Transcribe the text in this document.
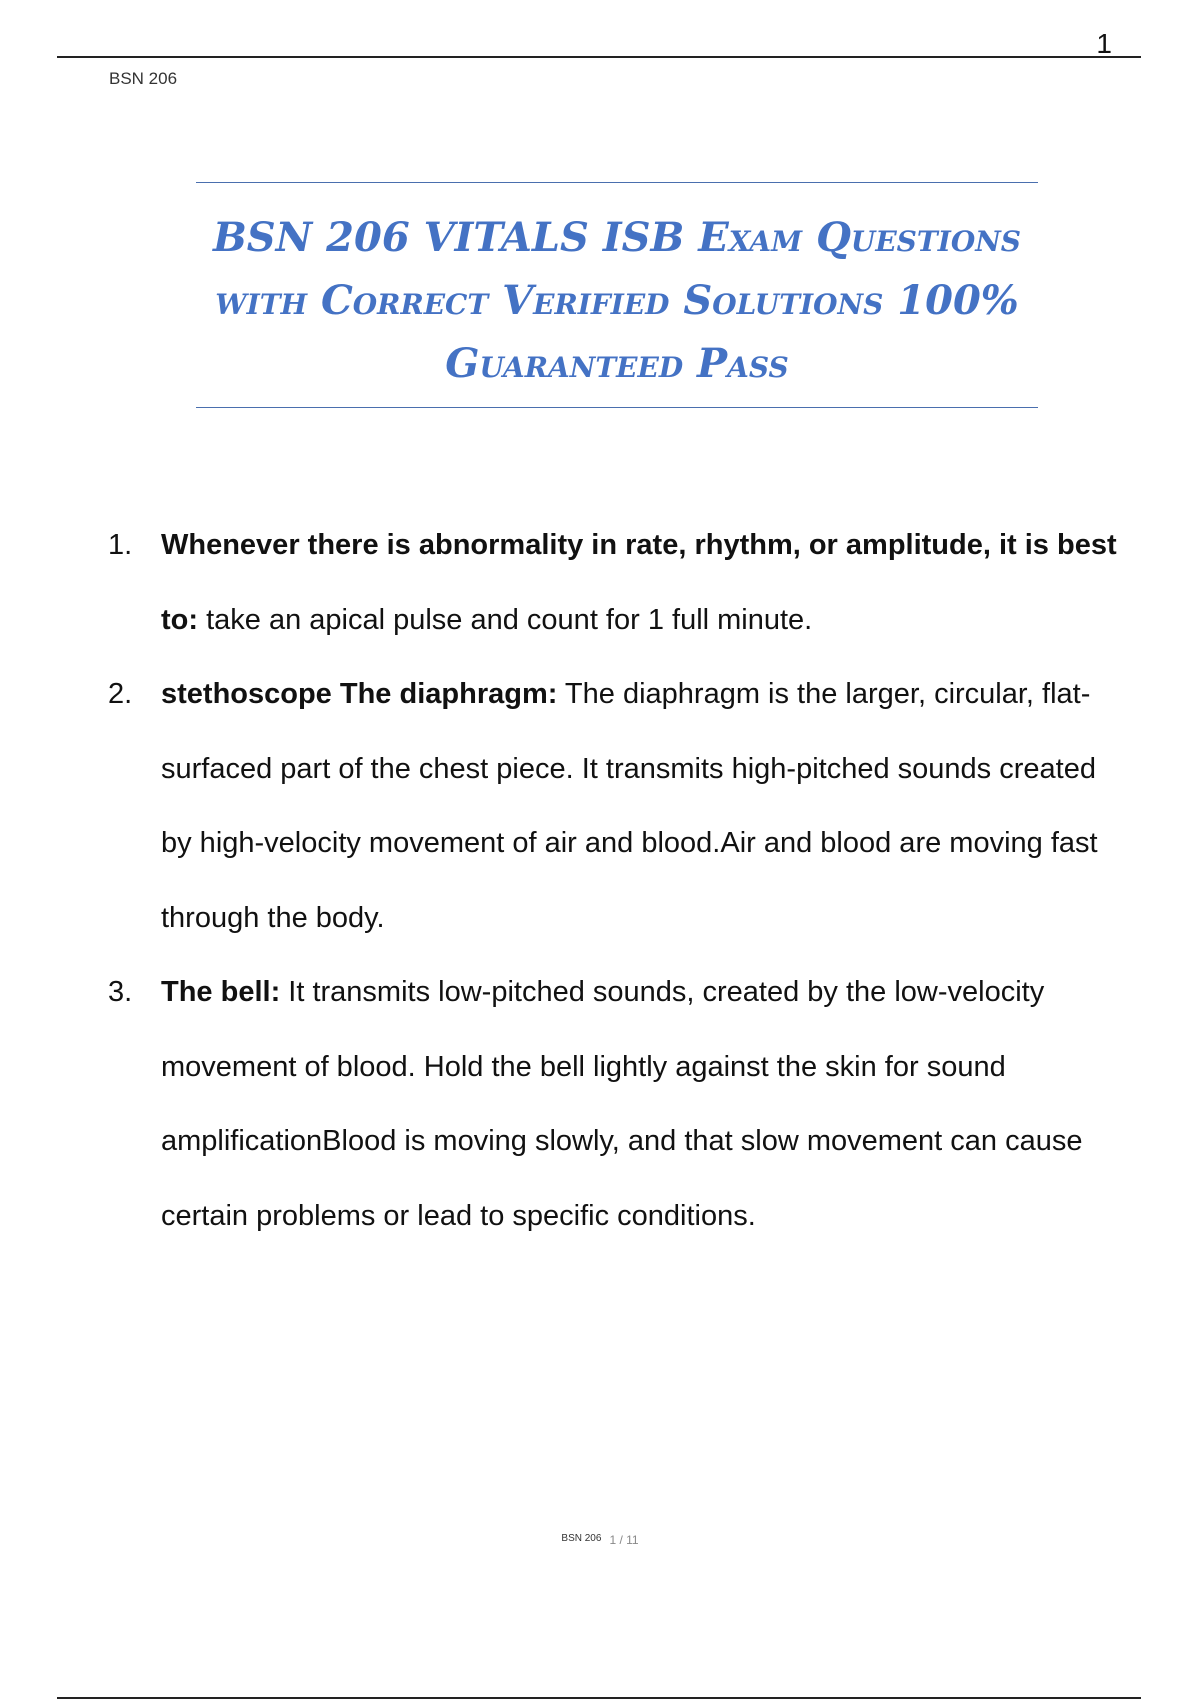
1
BSN 206
BSN 206 VITALS ISB Exam Questions
with Correct Verified Solutions 100%
Guaranteed Pass
1. Whenever there is abnormality in rate, rhythm, or amplitude, it is best to: take an apical pulse and count for 1 full minute.
2. stethoscope The diaphragm: The diaphragm is the larger, circular, flat-surfaced part of the chest piece. It transmits high-pitched sounds created by high-velocity movement of air and blood.Air and blood are moving fast through the body.
3. The bell: It transmits low-pitched sounds, created by the low-velocity movement of blood. Hold the bell lightly against the skin for sound amplificationBlood is moving slowly, and that slow movement can cause certain problems or lead to specific conditions.
BSN 206 1 / 11
